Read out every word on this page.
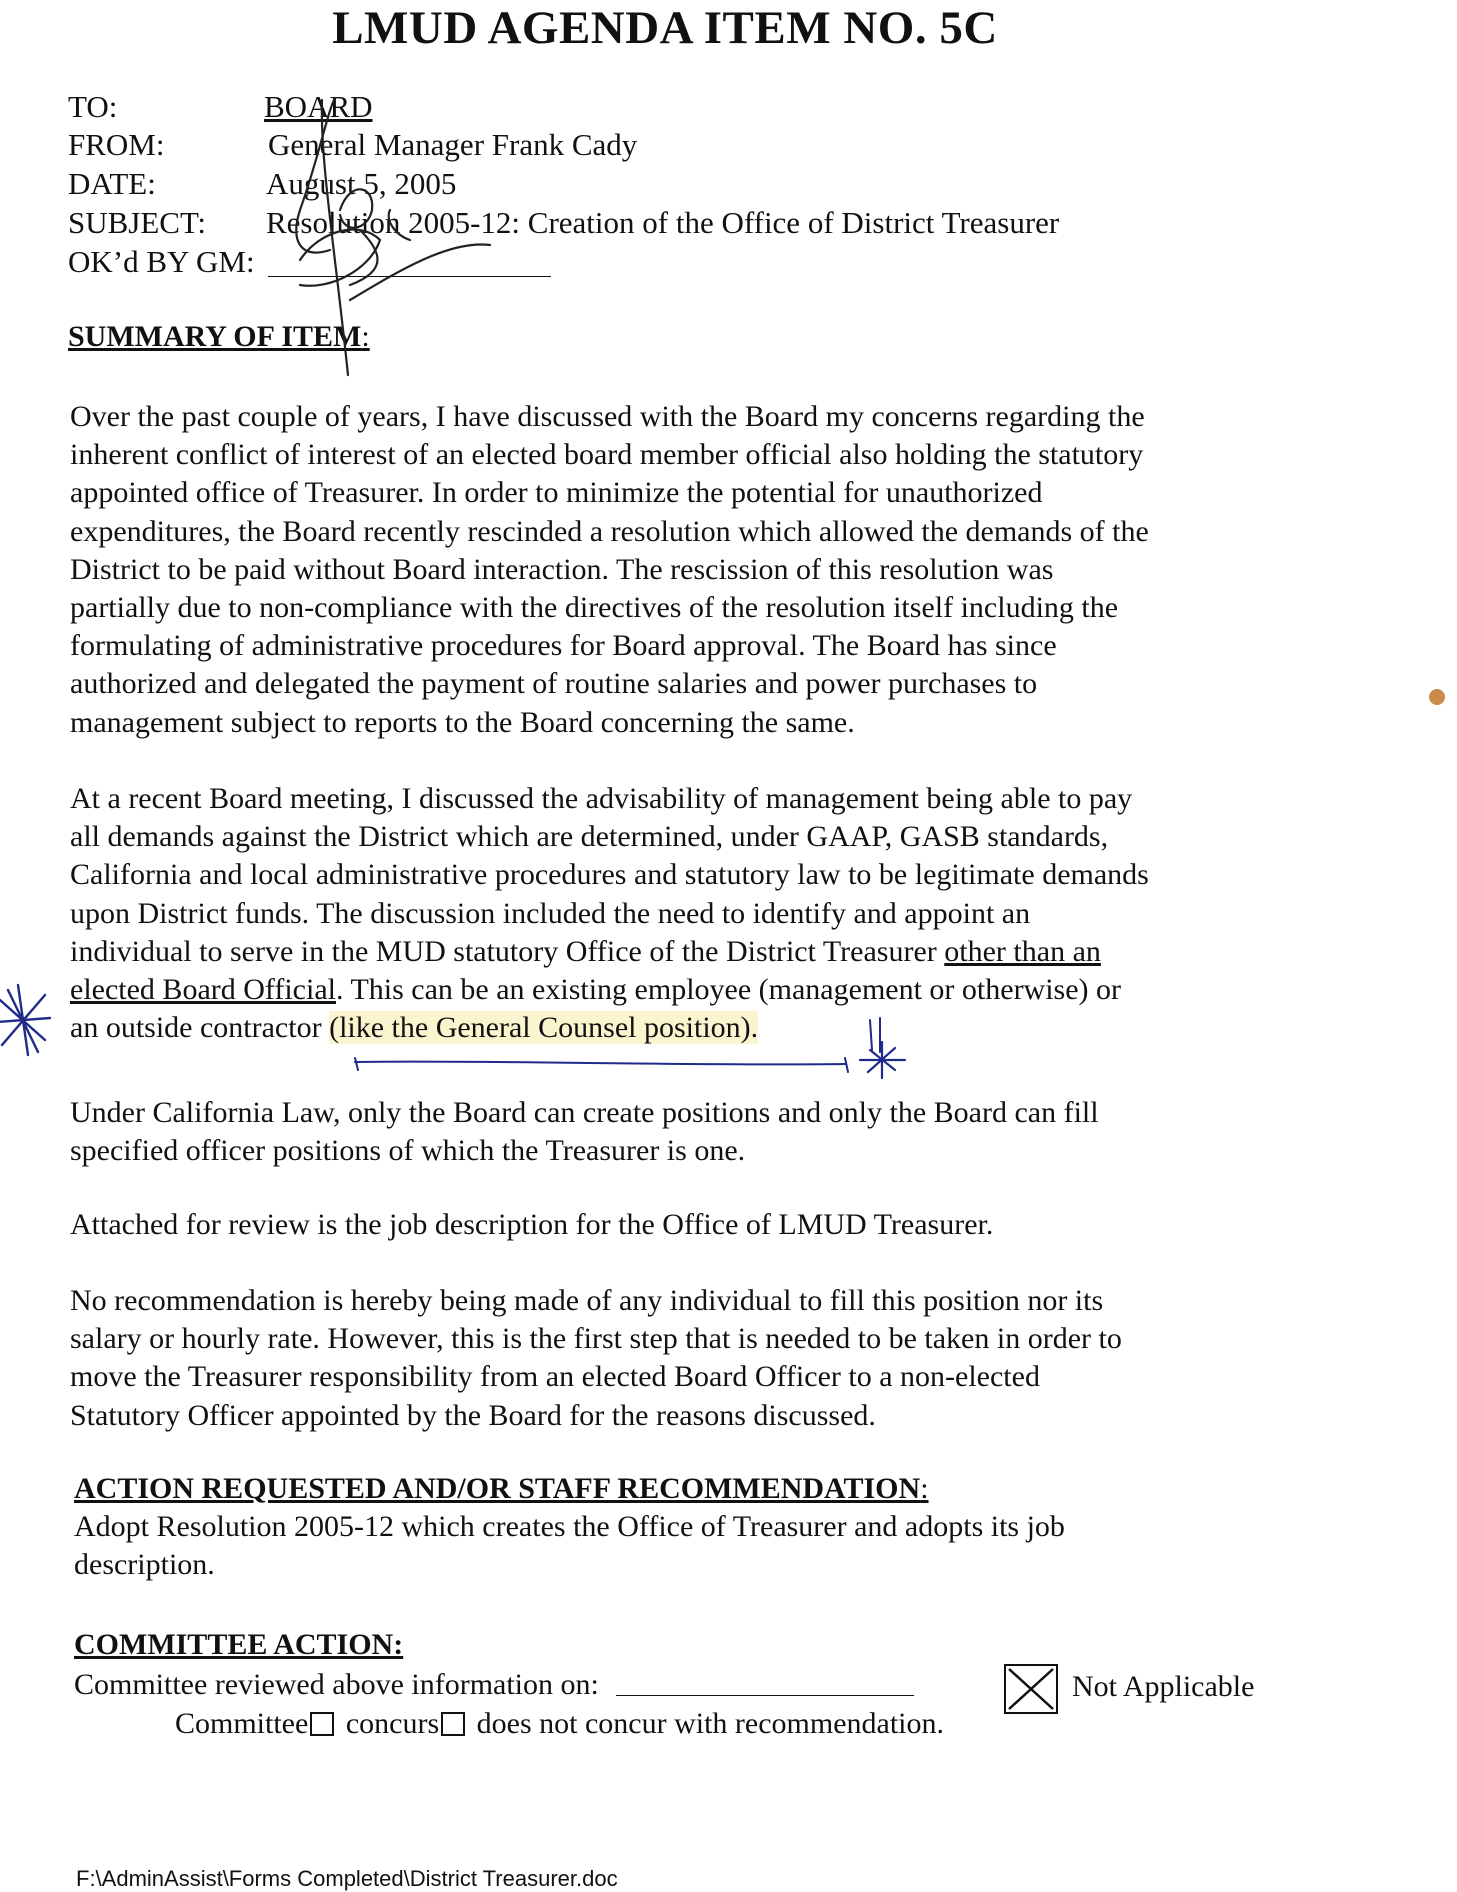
LMUD AGENDA ITEM NO. 5C
TO:	BOARD
FROM:	General Manager Frank Cady
DATE:	August 5, 2005
SUBJECT: Resolution 2005-12: Creation of the Office of District Treasurer
OK’d BY GM:
SUMMARY OF ITEM:
Over the past couple of years, I have discussed with the Board my concerns regarding the
inherent conflict of interest of an elected board member official also holding the statutory
appointed office of Treasurer. In order to minimize the potential for unauthorized
expenditures, the Board recently rescinded a resolution which allowed the demands of the
District to be paid without Board interaction. The rescission of this resolution was
partially due to non-compliance with the directives of the resolution itself including the
formulating of administrative procedures for Board approval. The Board has since
authorized and delegated the payment of routine salaries and power purchases to
management subject to reports to the Board concerning the same.
At a recent Board meeting, I discussed the advisability of management being able to pay
all demands against the District which are determined, under GAAP, GASB standards,
California and local administrative procedures and statutory law to be legitimate demands
upon District funds. The discussion included the need to identify and appoint an
individual to serve in the MUD statutory Office of the District Treasurer other than an
elected Board Official. This can be an existing employee (management or otherwise) or
an outside contractor (like the General Counsel position).
Under California Law, only the Board can create positions and only the Board can fill
specified officer positions of which the Treasurer is one.
Attached for review is the job description for the Office of LMUD Treasurer.
No recommendation is hereby being made of any individual to fill this position nor its
salary or hourly rate. However, this is the first step that is needed to be taken in order to
move the Treasurer responsibility from an elected Board Officer to a non-elected
Statutory Officer appointed by the Board for the reasons discussed.
ACTION REQUESTED AND/OR STAFF RECOMMENDATION:
Adopt Resolution 2005-12 which creates the Office of Treasurer and adopts its job
description.
COMMITTEE ACTION:
Committee reviewed above information on:	Not Applicable
Committee concurs does not concur with recommendation.
F:\AdminAssist\Forms Completed\District Treasurer.doc
